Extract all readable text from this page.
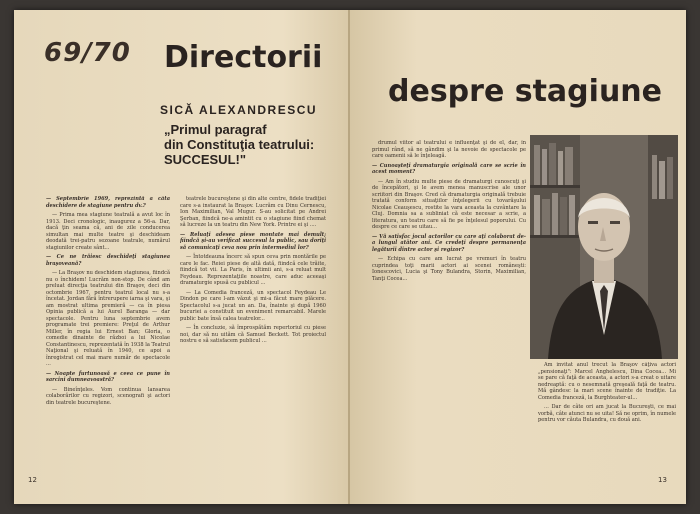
69/70 Directorii
SICĂ ALEXANDRESCU
„Primul paragraf
din Constituţia teatrului:
SUCCESUL!"

— Septembrie 1969, reprezintă a câta deschidere de stagiune pentru dv.?

— Prima mea stagiune teatrală a avut loc în 1913. Deci cronologic, inaugurez a 56-a. Dar, dacă ţin seama că, ani de zile conducerea simultan mai multe teatre şi deschideam deodată trei-patru sezoane teatrale, numărul stagiunilor create sânt...

— Ce ne trăiesc deschideţi stagiunea braşoveană?

— La Braşov nu deschidem stagiunea, fiindcă nu o închidem! Lucrăm non-stop. De când am preluat direcţia teatrului din Braşov, deci din octombrie 1967, pentru teatrul local nu s-a încetat. Jordan fără întrerupere iarna şi vara, şi am mostrat ultima premieră — ca în piesa Opinia publică a lui Aurel Baranga — dar spectacole. Pentru luna septembrie avem programate trei premiere: Preţul de Arthur Miller, în regia lui Ernest Ban; Gloria, o comedie dinainte de război a lui Nicolae Constantinescu, reprezentată în 1938 la Teatrul Naţional şi reluată în 1940, ce apoi a înregistrat cel mai mare număr de spectacole ...

— Noapte furtunoasă e ceea ce pune în sarcini dumneavoastră?

— Bineînţeles. Vom continua lansarea colaborărilor cu regizori, scenografi şi actori din teatrele bucureştene.

teatrele bucureştene şi din alte centre, fidele tradiţiei care s-a instaurat la Braşov. Lucrăm cu Dinu Cernescu, Ion Maximilian, Val Mugur. S-au solicitat pe Andrei Şerban, fiindcă ne-a amintit cu o stagiune fiind chemat să lucreze la un teatru din New York. Printre ei şi ....

— Reluaţi adesea piese montate mai demult; fiindcă şi-au verificat succesul la public, sau doriţi să comunicaţi ceva nou prin intermediul lor?

— Întotdeauna încerc să spun ceva prin montările pe care le fac. Reiei piese de altă dată, fiindcă cele trăite, fiindcă tot vii. La Paris, în ultimii ani, s-a reluat mult Feydeau. Reprezentaţiile noastre, care aduc aceeaşi dramaturgie spusă cu publicul ...

— La Comedia franceză, un spectacol Feydeau Le Dindon pe care l-am văzut şi mi-a făcut mare plăcere. Spectacolul s-a jucat un an. Da, înainte şi după 1960 bucuriei a constituit un eveniment remarcabil. Marele public bate însă calea teatrelor...

— În concluzie, să împrospătăm repertoriul cu piese noi, dar să nu uităm că Samuel Beckett. Tot proiectul nostru e să satisfacem publicul ...

12
despre stagiune

drumul viitor al teatrului e influenţat şi de el, dar, în primul rând, să ne gândim şi la nevoie de spectacole pe care oamenii să le înţeleagă.

— Cunoaşteţi dramaturgia originală care se scrie în acest moment?

— Am în studiu multe piese de dramaturgi cunoscuţi şi de începători, şi le avem menea manuscrise ale unor scriitori din Braşov. Cred că dramaturgia originală trebuie tratată conform situaţiilor înţelegerii cu tovarăşului Nicolae Ceauşescu, rostite la vara aceasta la cuvântare la Cluj. Domnia sa a subliniat că este necesar a scrie, a literatura, un teatru care să fie pe înţelesul poporului. Cu despre ce care se uitau...

— Vă satisfac jocul actorilor cu care aţi colaborat de-a lungul atâtor ani. Ce credeţi despre permanenţa legăturii dintre actor şi regizor?

— Echipa cu care am lucrat pe vremuri în teatru cuprindea toţi marii actori ai scenei româneşti: Ionescovici, Lucia şi Tony Bulandra, Storin, Maximilian, Tanţi Cocea...

Am invitat anul trecut la Braşov câţiva actori „pensionaţi": Marcel Anghelescu, Dina Cocea... Mi se pare că faţă de aceasta, a actori s-a creat o uitare nedreaptă: cu o nesemnată greşeală faţă de teatru. Mă gândesc la mari scene înainte de tradiţie. La Comedia franceză, la Burghteater-ul...

... Dar de câte ori am jucat la Bucureşti, ce mai vorbă, câte atunci nu se uita! Să ne oprim, în numele pentru vor căuta Bulandra, cu două ani.

13
